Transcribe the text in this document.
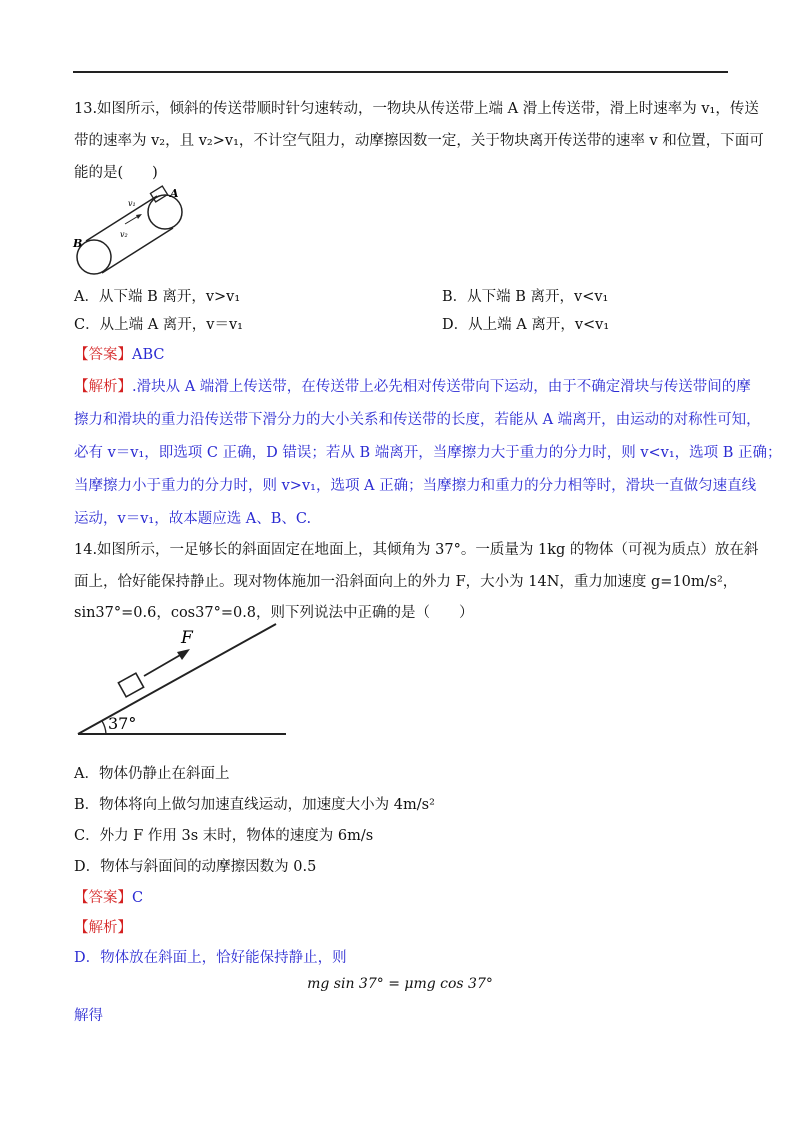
13.如图所示，倾斜的传送带顺时针匀速转动，一物块从传送带上端 A 滑上传送带，滑上时速率为 v₁，传送
带的速率为 v₂，且 v₂>v₁，不计空气阻力，动摩擦因数一定，关于物块离开传送带的速率 v 和位置，下面可
能的是(　　)
A
B
v₁
v₂
A．从下端 B 离开，v>v₁	B．从下端 B 离开，v<v₁
C．从上端 A 离开，v＝v₁	D．从上端 A 离开，v<v₁
【答案】ABC
【解析】.滑块从 A 端滑上传送带，在传送带上必先相对传送带向下运动，由于不确定滑块与传送带间的摩
擦力和滑块的重力沿传送带下滑分力的大小关系和传送带的长度，若能从 A 端离开，由运动的对称性可知，
必有 v＝v₁，即选项 C 正确，D 错误；若从 B 端离开，当摩擦力大于重力的分力时，则 v<v₁，选项 B 正确；
当摩擦力小于重力的分力时，则 v>v₁，选项 A 正确；当摩擦力和重力的分力相等时，滑块一直做匀速直线
运动，v＝v₁，故本题应选 A、B、C.
14.如图所示，一足够长的斜面固定在地面上，其倾角为 37°。一质量为 1kg 的物体（可视为质点）放在斜
面上，恰好能保持静止。现对物体施加一沿斜面向上的外力 F，大小为 14N，重力加速度 g=10m/s²，
sin37°=0.6，cos37°=0.8，则下列说法中正确的是（　　）
F
37°
A．物体仍静止在斜面上
B．物体将向上做匀加速直线运动，加速度大小为 4m/s²
C．外力 F 作用 3s 末时，物体的速度为 6m/s
D．物体与斜面间的动摩擦因数为 0.5
【答案】C
【解析】
D．物体放在斜面上，恰好能保持静止，则
mg sin 37° = μmg cos 37°
解得
